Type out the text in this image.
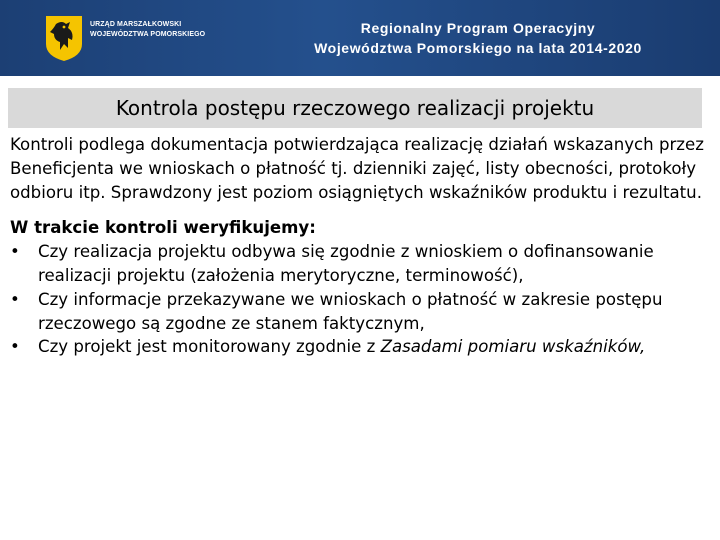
URZĄD MARSZAŁKOWSKI
WOJEWÓDZTWA POMORSKIEGO	Regionalny Program Operacyjny
Województwa Pomorskiego na lata 2014-2020
Kontrola postępu rzeczowego realizacji projektu

Kontroli podlega dokumentacja potwierdzająca realizację działań wskazanych przez Beneficjenta we wnioskach o płatność tj. dzienniki zajęć, listy obecności, protokoły odbioru itp. Sprawdzony jest poziom osiągniętych wskaźników produktu i rezultatu.

W trakcie kontroli weryfikujemy:

•	Czy realizacja projektu odbywa się zgodnie z wnioskiem o dofinansowanie realizacji projektu (założenia merytoryczne, terminowość),
•	Czy informacje przekazywane we wnioskach o płatność w zakresie postępu rzeczowego są zgodne ze stanem faktycznym,
•	Czy projekt jest monitorowany zgodnie z Zasadami pomiaru wskaźników,
